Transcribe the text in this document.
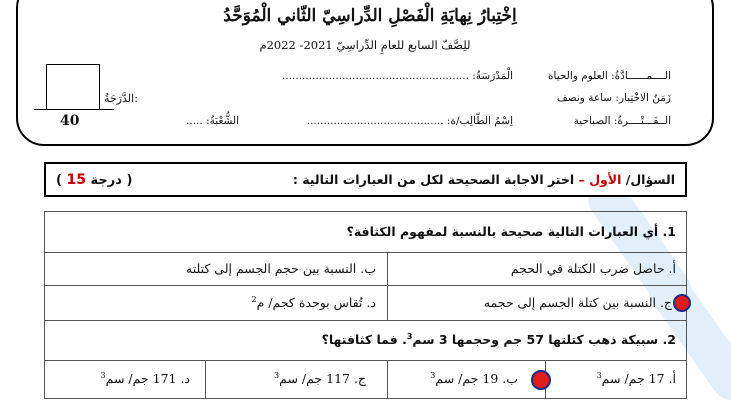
اِخْتِبارُ نِهايَةِ الْفَصْلِ الدِّراسِيّ الثّاني الْمُوَحَّدُ
للِصَّفّ السابع للعامِ الدِّراسِيّ 2021- 2022م
الــــمــــــادَّةُ: العلوم والحياة
زَمَنُ الاخْتِبار: ساعة ونصف
الــفَـــتْــــرةُ: الصباحية
الْمَدْرَسَةُ: ........................................................
اِسْمُ الطّالِب/ة: .........................................
الشُّعْبَةُ: .....
40
الدَّرَجَةُ:
السؤال/ الأول – اختر الاجابة الصحيحة لكل من العبارات التالية :
( 15 درجة )
1. أي العبارات التالية صحيحة بالنسبة لمفهوم الكثافة؟
أ. حاصل ضرب الكتلة في الحجم
ب. النسبة بين حجم الجسم إلى كتلته
ج. النسبة بين كتلة الجسم إلى حجمه
د. تُقاس بوحدة كجم/ م$^2$
2. سبيكة ذهب كتلتها 57 جم وحجمها 3 سم$^3$. فما كثافتها؟
أ. 17 جم/ سم$^3$
ب. 19 جم/ سم$^3$
ج. 117 جم/ سم$^3$
د. 171 جم/ سم$^3$
